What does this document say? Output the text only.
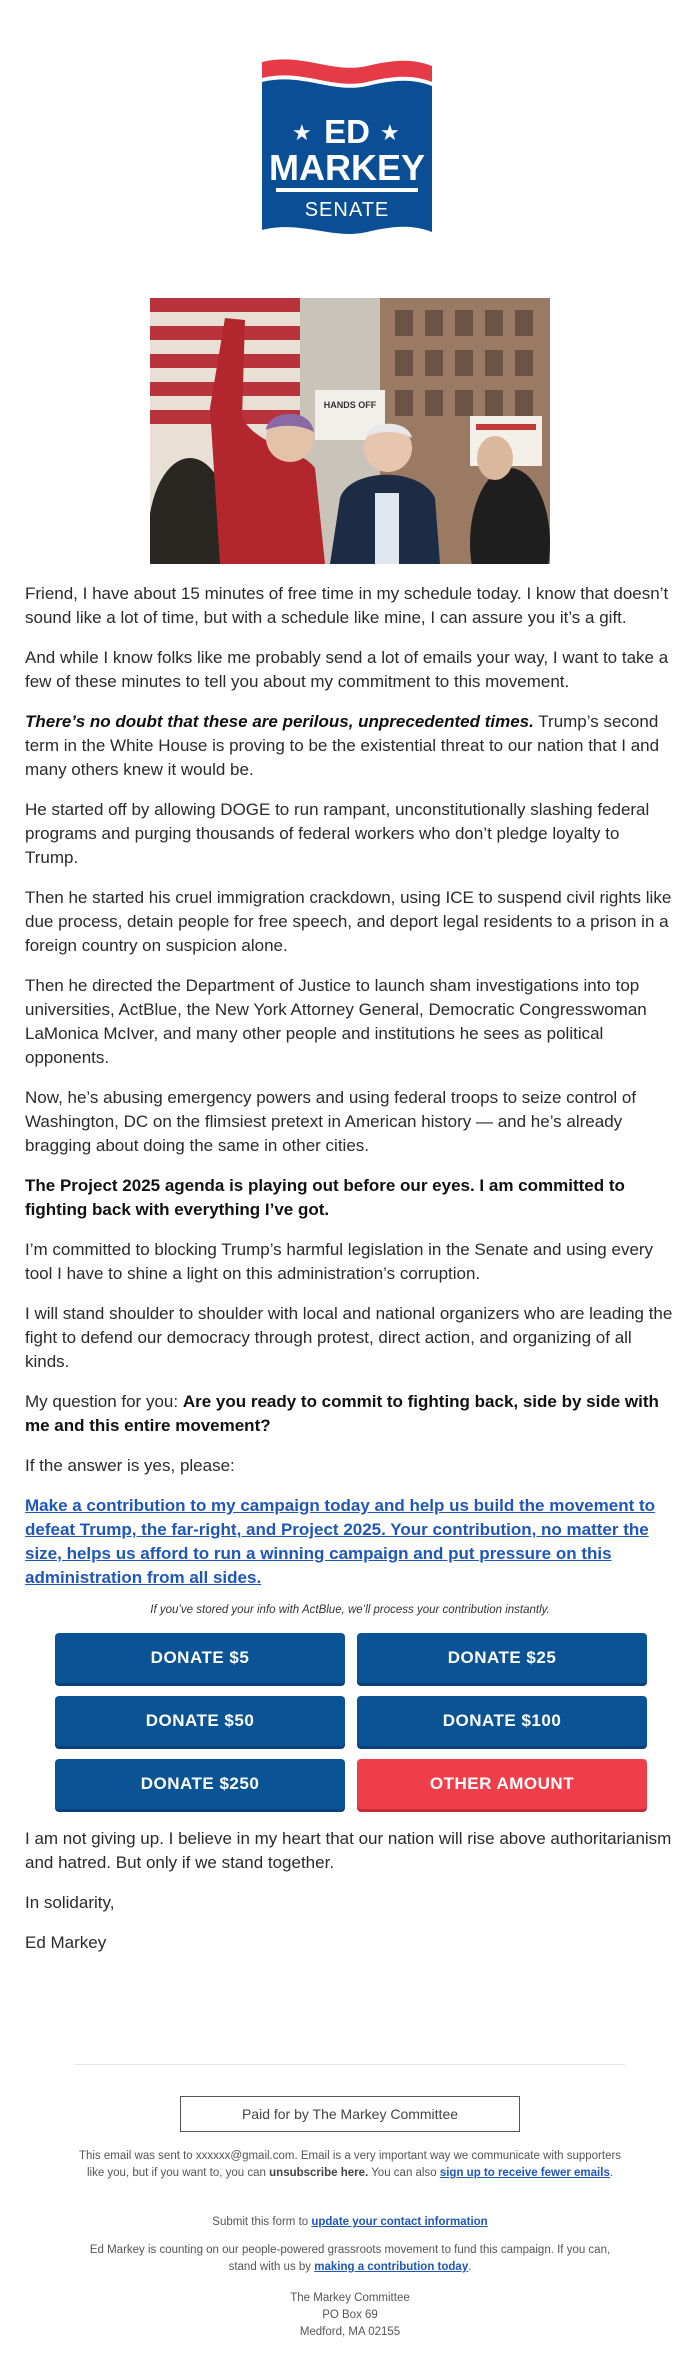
★	★
ED
MARKEY
SENATE
HANDS OFF

Friend, I have about 15 minutes of free time in my schedule today. I know that doesn’t sound like a lot of time, but with a schedule like mine, I can assure you it’s a gift.

And while I know folks like me probably send a lot of emails your way, I want to take a few of these minutes to tell you about my commitment to this movement.

There’s no doubt that these are perilous, unprecedented times. Trump’s second term in the White House is proving to be the existential threat to our nation that I and many others knew it would be.

He started off by allowing DOGE to run rampant, unconstitutionally slashing federal programs and purging thousands of federal workers who don’t pledge loyalty to Trump.

Then he started his cruel immigration crackdown, using ICE to suspend civil rights like due process, detain people for free speech, and deport legal residents to a prison in a foreign country on suspicion alone.

Then he directed the Department of Justice to launch sham investigations into top universities, ActBlue, the New York Attorney General, Democratic Congresswoman LaMonica McIver, and many other people and institutions he sees as political opponents.

Now, he’s abusing emergency powers and using federal troops to seize control of Washington, DC on the flimsiest pretext in American history — and he’s already bragging about doing the same in other cities.

The Project 2025 agenda is playing out before our eyes. I am committed to fighting back with everything I’ve got.

I’m committed to blocking Trump’s harmful legislation in the Senate and using every tool I have to shine a light on this administration’s corruption.

I will stand shoulder to shoulder with local and national organizers who are leading the fight to defend our democracy through protest, direct action, and organizing of all kinds.

My question for you: Are you ready to commit to fighting back, side by side with me and this entire movement?

If the answer is yes, please:

Make a contribution to my campaign today and help us build the movement to defeat Trump, the far-right, and Project 2025. Your contribution, no matter the size, helps us afford to run a winning campaign and put pressure on this administration from all sides.

If you’ve stored your info with ActBlue, we’ll process your contribution instantly.

DONATE $5	DONATE $25
DONATE $50	DONATE $100
DONATE $250	OTHER AMOUNT

I am not giving up. I believe in my heart that our nation will rise above authoritarianism and hatred. But only if we stand together.

In solidarity,

Ed Markey

Paid for by The Markey Committee
This email was sent to xxxxxx@gmail.com. Email is a very important way we communicate with supporters like you, but if you want to, you can unsubscribe here. You can also sign up to receive fewer emails.
Submit this form to update your contact information
Ed Markey is counting on our people-powered grassroots movement to fund this campaign. If you can, stand with us by making a contribution today.
The Markey Committee
PO Box 69
Medford, MA 02155
